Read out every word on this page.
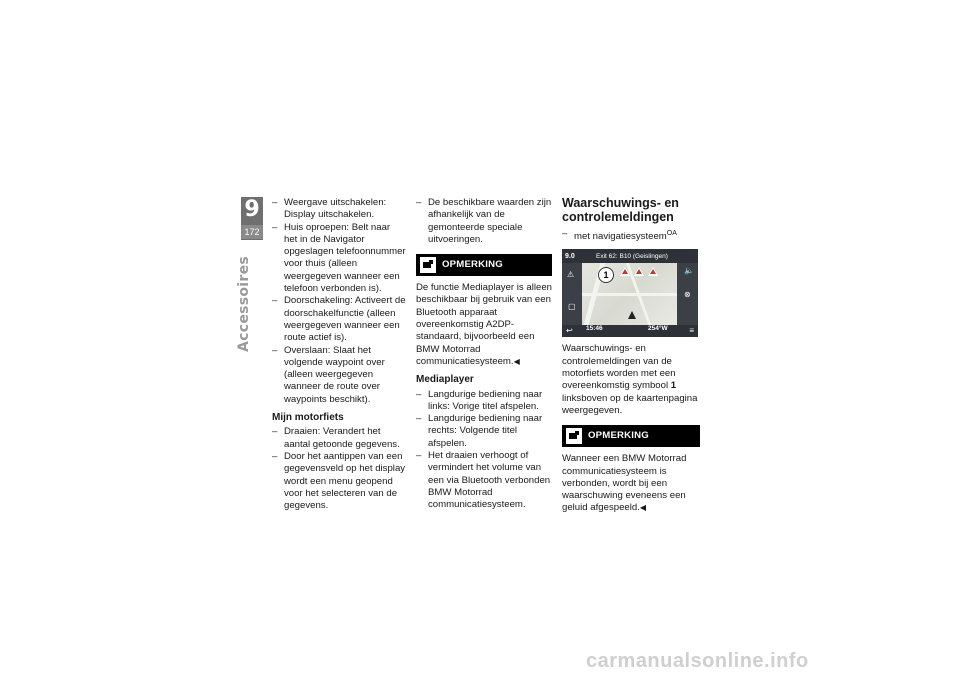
9
172
Accessoires
– Weergave uitschakelen: Display uitschakelen.
– Huis oproepen: Belt naar het in de Navigator opgeslagen telefoonnummer voor thuis (alleen weergegeven wanneer een telefoon verbonden is).
– Doorschakeling: Activeert de doorschakelfunctie (alleen weergegeven wanneer een route actief is).
– Overslaan: Slaat het volgende waypoint over (alleen weergegeven wanneer de route over waypoints beschikt).
Mijn motorfiets
– Draaien: Verandert het aantal getoonde gegevens.
– Door het aantippen van een gegevensveld op het display wordt een menu geopend voor het selecteren van de gegevens.
– De beschikbare waarden zijn afhankelijk van de gemonteerde speciale uitvoeringen.
OPMERKING

De functie Mediaplayer is alleen beschikbaar bij gebruik van een Bluetooth apparaat overeenkomstig A2DP-standaard, bijvoorbeeld een BMW Motorrad communicatiesysteem.◀

Mediaplayer
– Langdurige bediening naar links: Vorige titel afspelen.
– Langdurige bediening naar rechts: Volgende titel afspelen.
– Het draaien verhoogt of vermindert het volume van een via Bluetooth verbonden BMW Motorrad communicatiesysteem.
Waarschuwings- en controlemeldingen
– met navigatiesysteem$^{OA}$
9.0	Exit 62: B10 (Geislingen)
⚠
▢
🔈
⊗
1
↩ 15:46	254°W	≡

Waarschuwings- en controlemeldingen van de motorfiets worden met een overeenkomstig symbool 1 linksboven op de kaartenpagina weergegeven.

OPMERKING

Wanneer een BMW Motorrad communicatiesysteem is verbonden, wordt bij een waarschuwing eveneens een geluid afgespeeld.◀

carmanualsonline.info
